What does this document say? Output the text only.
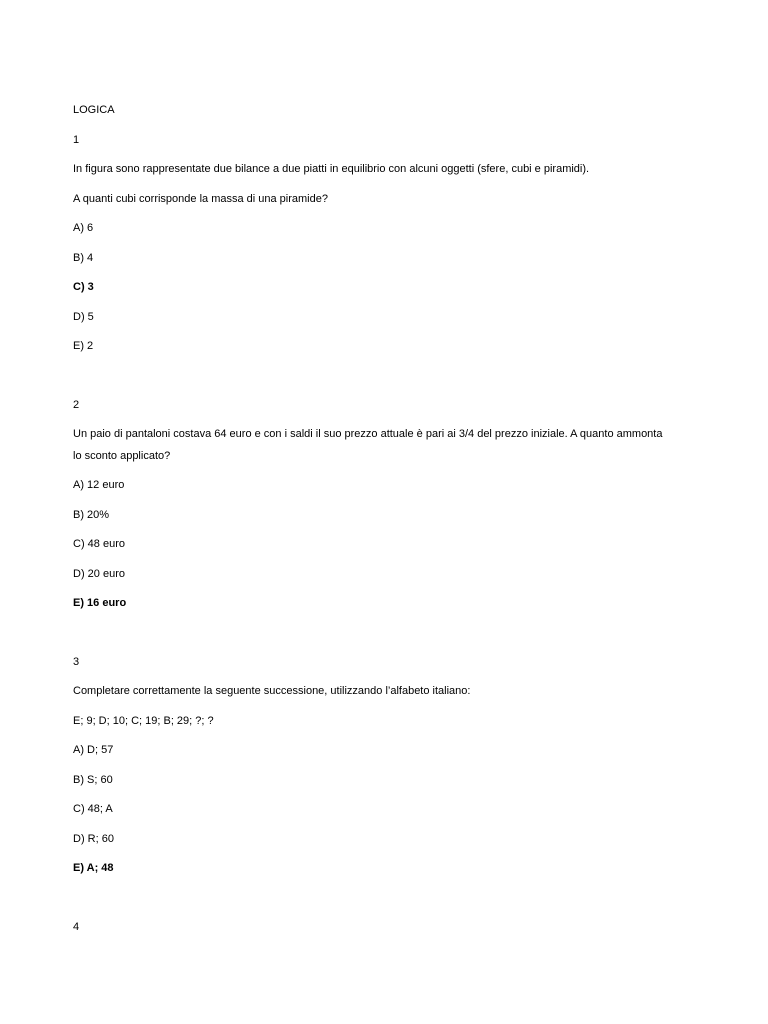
LOGICA
1
In figura sono rappresentate due bilance a due piatti in equilibrio con alcuni oggetti (sfere, cubi e piramidi).
A quanti cubi corrisponde la massa di una piramide?
A) 6
B) 4
C) 3
D) 5
E) 2
2
Un paio di pantaloni costava 64 euro e con i saldi il suo prezzo attuale è pari ai 3/4 del prezzo iniziale. A quanto ammonta lo sconto applicato?
A) 12 euro
B) 20%
C) 48 euro
D) 20 euro
E) 16 euro
3
Completare correttamente la seguente successione, utilizzando l’alfabeto italiano:
E; 9; D; 10; C; 19; B; 29; ?; ?
A) D; 57
B) S; 60
C) 48; A
D) R; 60
E) A; 48
4
